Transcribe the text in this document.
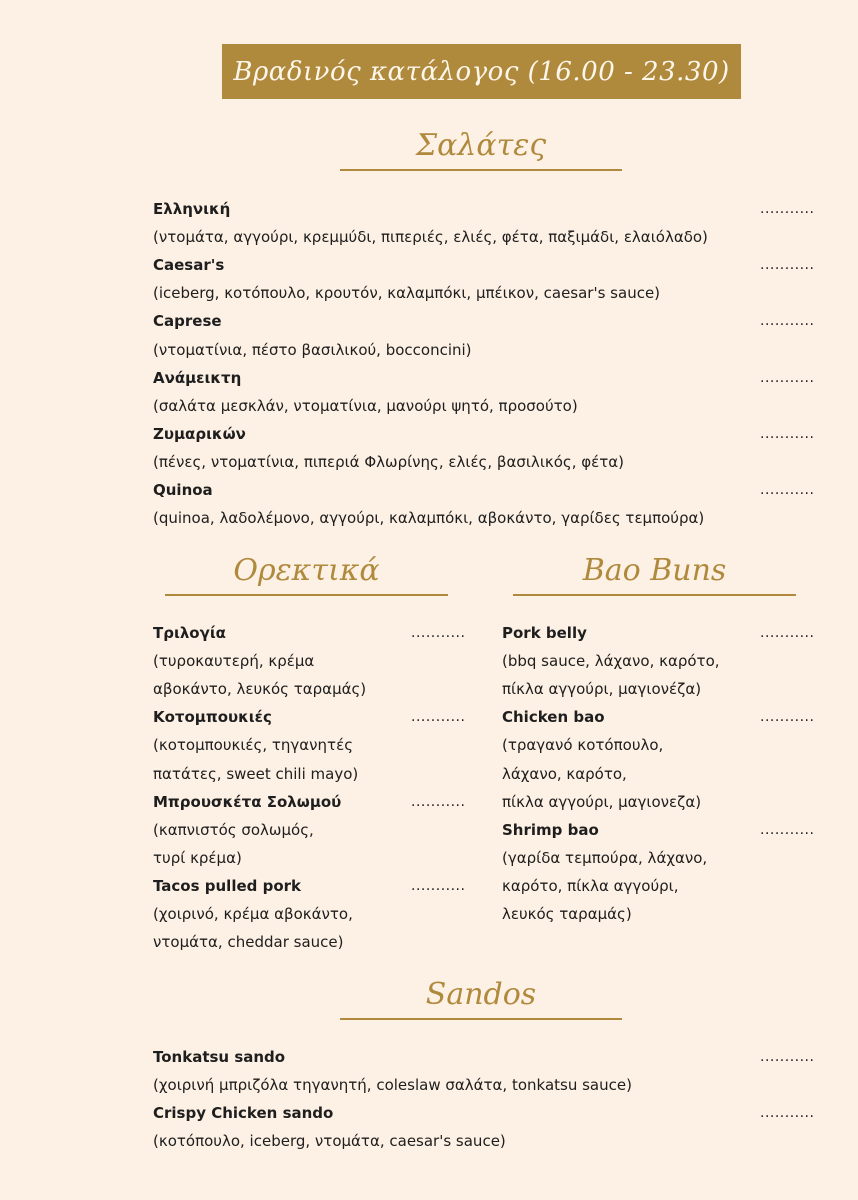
Βραδινός κατάλογος (16.00 - 23.30)
Σαλάτες
Ορεκτικά	Bao Buns
Sandos
Ελληνική	...........
(ντομάτα, αγγούρι, κρεμμύδι, πιπεριές, ελιές, φέτα, παξιμάδι, ελαιόλαδο)
Caesar's	...........
(iceberg, κοτόπουλο, κρουτόν, καλαμπόκι, μπέικον, caesar's sauce)
Caprese	...........
(ντοματίνια, πέστο βασιλικού, bocconcini)
Ανάμεικτη	...........
(σαλάτα μεσκλάν, ντοματίνια, μανούρι ψητό, προσούτο)
Ζυμαρικών	...........
(πένες, ντοματίνια, πιπεριά Φλωρίνης, ελιές, βασιλικός, φέτα)
Quinoa	...........
(quinoa, λαδολέμονο, αγγούρι, καλαμπόκι, αβοκάντο, γαρίδες τεμπούρα)
Τριλογία	...........
(τυροκαυτερή, κρέμα
αβοκάντο, λευκός ταραμάς)
Κοτομπουκιές	...........
(κοτομπουκιές, τηγανητές
πατάτες, sweet chili mayo)
Μπρουσκέτα Σολωμού	...........
(καπνιστός σολωμός,
τυρί κρέμα)
Tacos pulled pork	...........
(χοιρινό, κρέμα αβοκάντο,
ντομάτα, cheddar sauce)
Pork belly	...........
(bbq sauce, λάχανο, καρότο,
πίκλα αγγούρι, μαγιονέζα)
Chicken bao	...........
(τραγανό κοτόπουλο,
λάχανο, καρότο,
πίκλα αγγούρι, μαγιονεζα)
Shrimp bao	...........
(γαρίδα τεμπούρα, λάχανο,
καρότο, πίκλα αγγούρι,
λευκός ταραμάς)
Tonkatsu sando	...........
(χοιρινή μπριζόλα τηγανητή, coleslaw σαλάτα, tonkatsu sauce)
Crispy Chicken sando	...........
(κοτόπουλο, iceberg, ντομάτα, caesar's sauce)
